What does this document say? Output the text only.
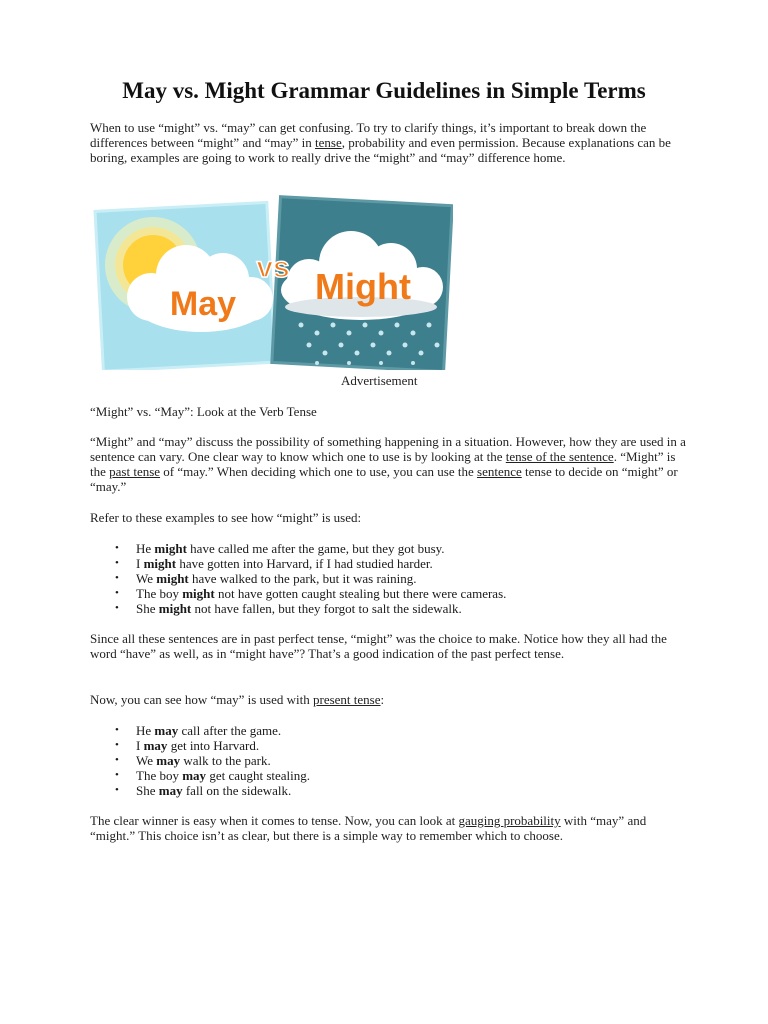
May vs. Might Grammar Guidelines in Simple Terms

When to use “might” vs. “may” can get confusing. To try to clarify things, it’s important to break down the differences between “might” and “may” in tense, probability and even permission. Because explanations can be boring, examples are going to work to really drive the “might” and “may” difference home.

May Might
vs
Advertisement

“Might” vs. “May”: Look at the Verb Tense

“Might” and “may” discuss the possibility of something happening in a situation. However, how they are used in a sentence can vary. One clear way to know which one to use is by looking at the tense of the sentence. “Might” is the past tense of “may.” When deciding which one to use, you can use the sentence tense to decide on “might” or “may.”

Refer to these examples to see how “might” is used:

• He might have called me after the game, but they got busy.
• I might have gotten into Harvard, if I had studied harder.
• We might have walked to the park, but it was raining.
• The boy might not have gotten caught stealing but there were cameras.
• She might not have fallen, but they forgot to salt the sidewalk.

Since all these sentences are in past perfect tense, “might” was the choice to make. Notice how they all had the word “have” as well, as in “might have”? That’s a good indication of the past perfect tense.

Now, you can see how “may” is used with present tense:

• He may call after the game.
• I may get into Harvard.
• We may walk to the park.
• The boy may get caught stealing.
• She may fall on the sidewalk.

The clear winner is easy when it comes to tense. Now, you can look at gauging probability with “may” and “might.” This choice isn’t as clear, but there is a simple way to remember which to choose.
